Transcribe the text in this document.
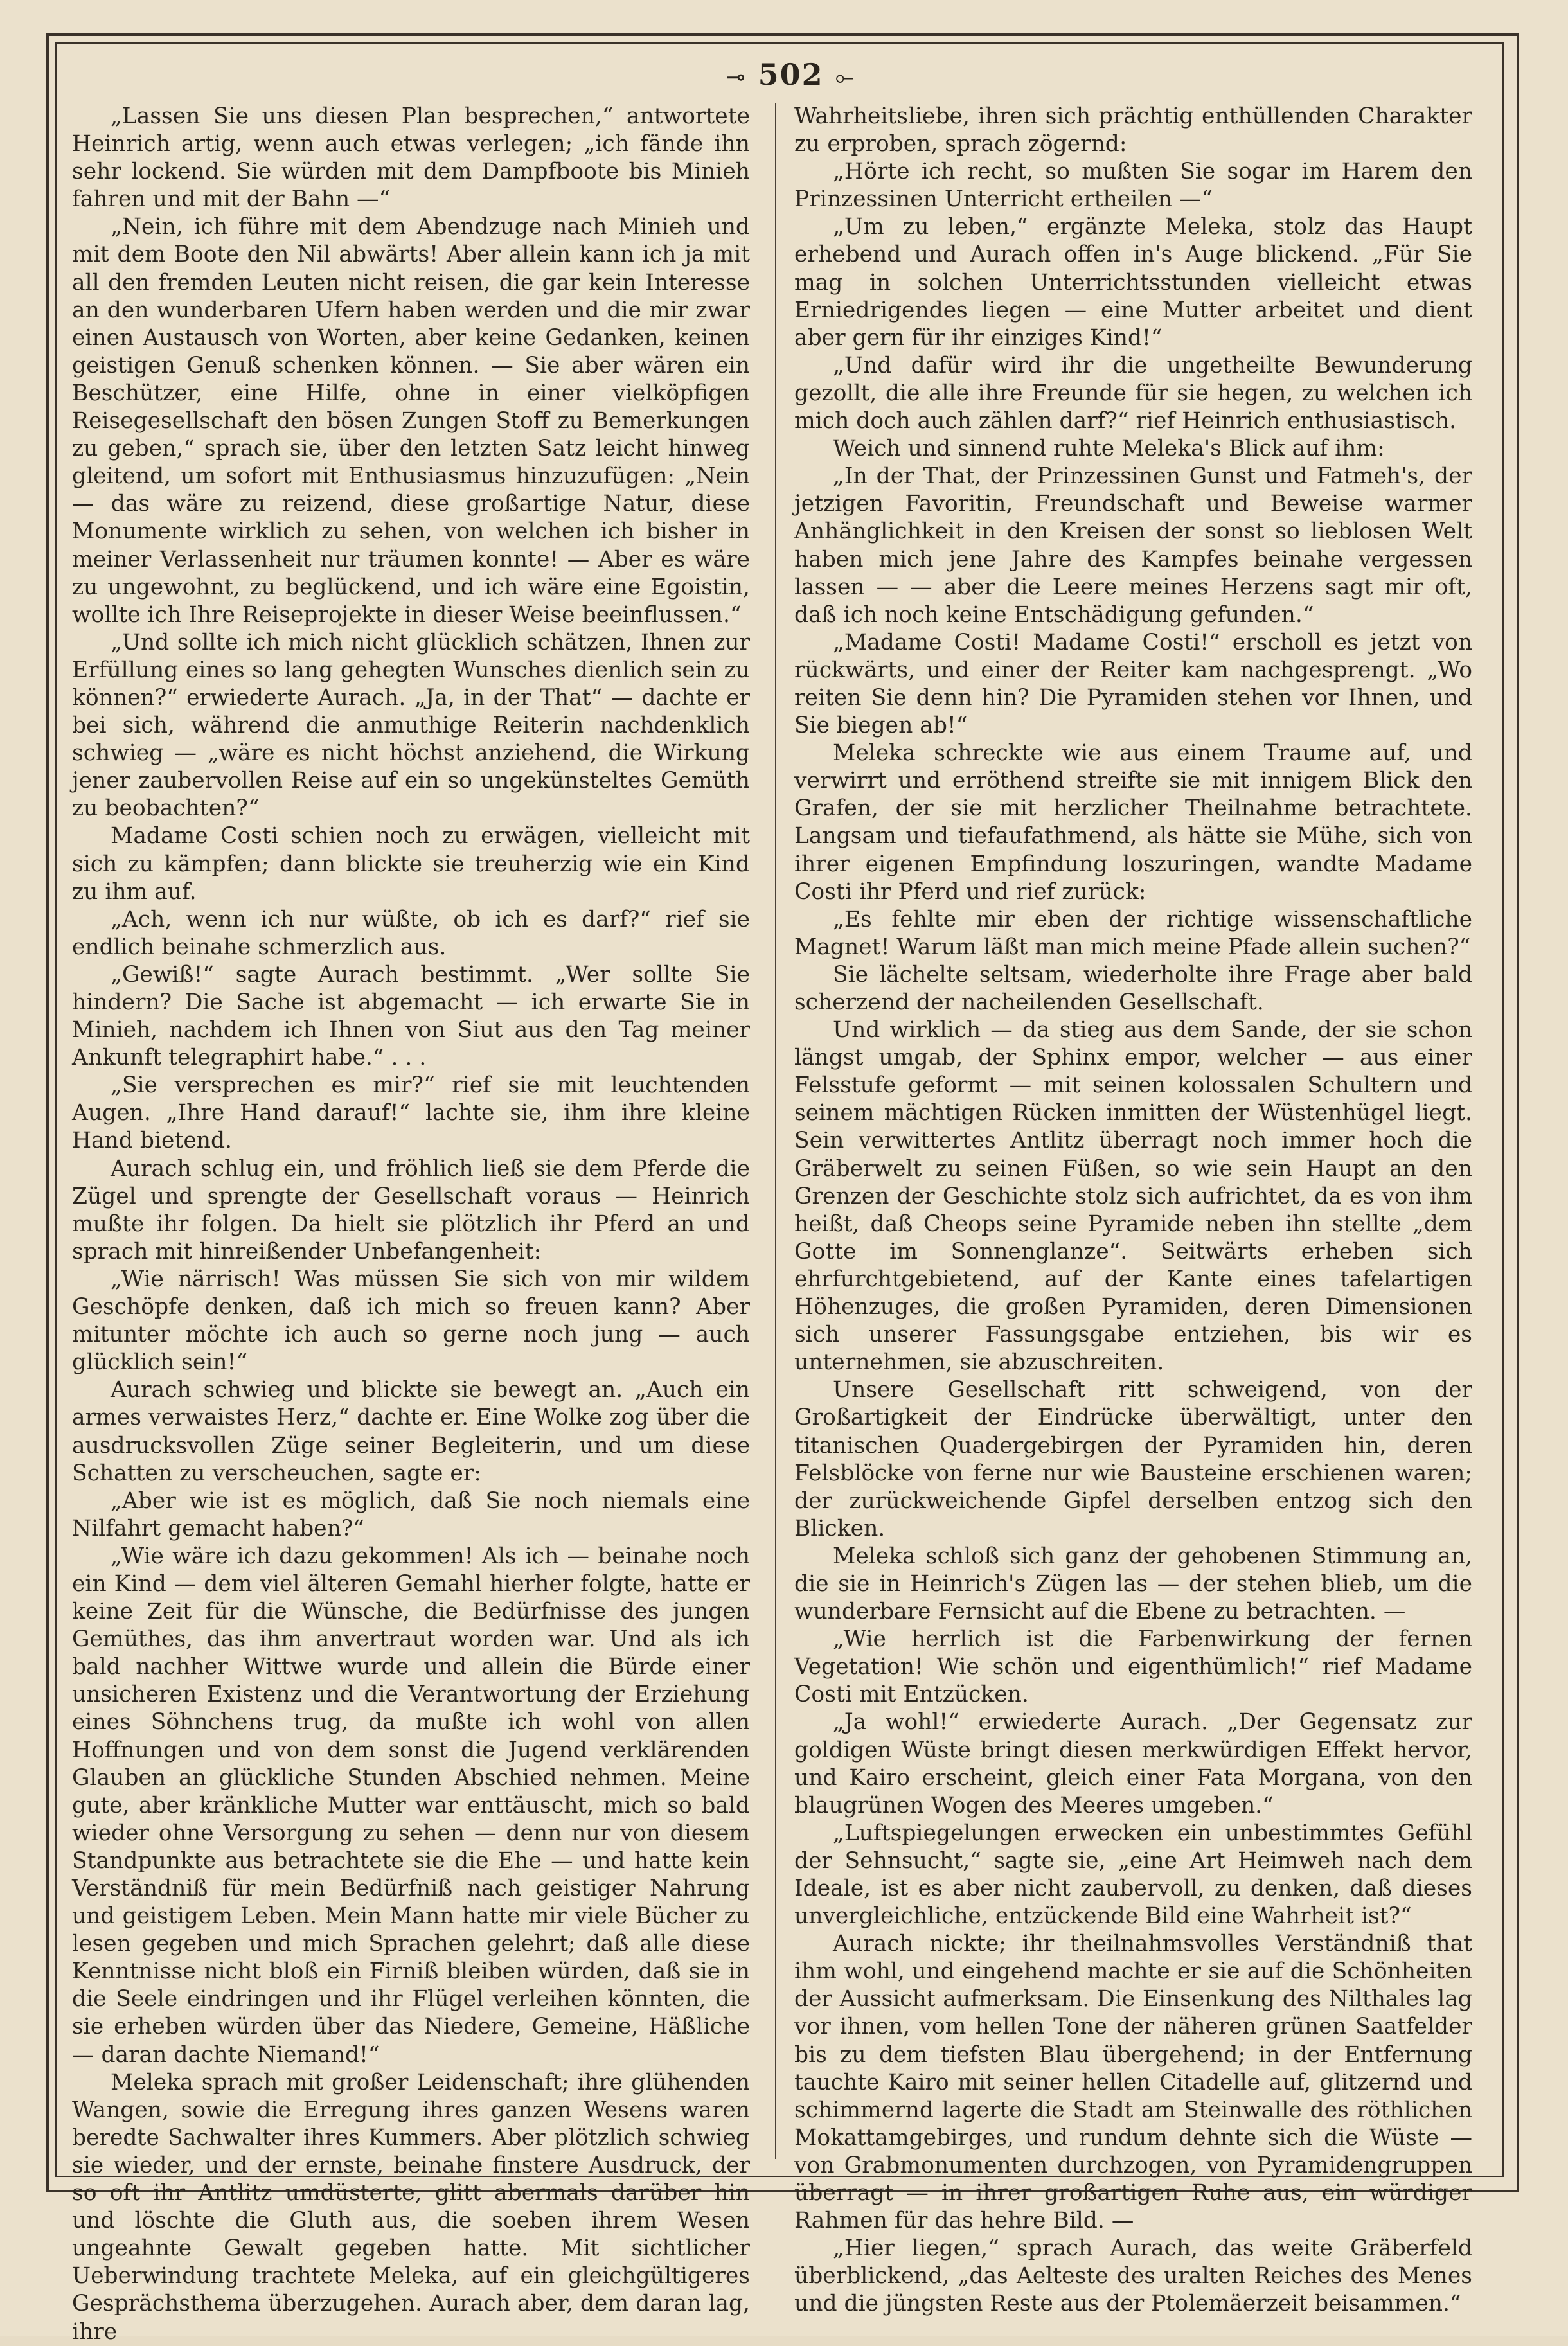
⊸ 502 ⟜

„Lassen Sie uns diesen Plan besprechen,“ antwortete Heinrich artig, wenn auch etwas verlegen; „ich fände ihn sehr lockend. Sie würden mit dem Dampfboote bis Minieh fahren und mit der Bahn —“

„Nein, ich führe mit dem Abendzuge nach Minieh und mit dem Boote den Nil abwärts! Aber allein kann ich ja mit all den fremden Leuten nicht reisen, die gar kein Interesse an den wunderbaren Ufern haben werden und die mir zwar einen Austausch von Worten, aber keine Gedanken, keinen geistigen Genuß schenken können. — Sie aber wären ein Beschützer, eine Hilfe, ohne in einer vielköpfigen Reisegesellschaft den bösen Zungen Stoff zu Bemerkungen zu geben,“ sprach sie, über den letzten Satz leicht hinweg gleitend, um sofort mit Enthusiasmus hinzuzufügen: „Nein — das wäre zu reizend, diese großartige Natur, diese Monumente wirklich zu sehen, von welchen ich bisher in meiner Verlassenheit nur träumen konnte! — Aber es wäre zu ungewohnt, zu beglückend, und ich wäre eine Egoistin, wollte ich Ihre Reiseprojekte in dieser Weise beeinflussen.“

„Und sollte ich mich nicht glücklich schätzen, Ihnen zur Erfüllung eines so lang gehegten Wunsches dienlich sein zu können?“ erwiederte Aurach. „Ja, in der That“ — dachte er bei sich, während die anmuthige Reiterin nachdenklich schwieg — „wäre es nicht höchst anziehend, die Wirkung jener zaubervollen Reise auf ein so ungekünsteltes Gemüth zu beobachten?“

Madame Costi schien noch zu erwägen, vielleicht mit sich zu kämpfen; dann blickte sie treuherzig wie ein Kind zu ihm auf.

„Ach, wenn ich nur wüßte, ob ich es darf?“ rief sie endlich beinahe schmerzlich aus.

„Gewiß!“ sagte Aurach bestimmt. „Wer sollte Sie hindern? Die Sache ist abgemacht — ich erwarte Sie in Minieh, nachdem ich Ihnen von Siut aus den Tag meiner Ankunft telegraphirt habe.“ . . .

„Sie versprechen es mir?“ rief sie mit leuchtenden Augen. „Ihre Hand darauf!“ lachte sie, ihm ihre kleine Hand bietend.

Aurach schlug ein, und fröhlich ließ sie dem Pferde die Zügel und sprengte der Gesellschaft voraus — Heinrich mußte ihr folgen. Da hielt sie plötzlich ihr Pferd an und sprach mit hinreißender Unbefangenheit:

„Wie närrisch! Was müssen Sie sich von mir wildem Geschöpfe denken, daß ich mich so freuen kann? Aber mitunter möchte ich auch so gerne noch jung — auch glücklich sein!“

Aurach schwieg und blickte sie bewegt an. „Auch ein armes verwaistes Herz,“ dachte er. Eine Wolke zog über die ausdrucksvollen Züge seiner Begleiterin, und um diese Schatten zu verscheuchen, sagte er:

„Aber wie ist es möglich, daß Sie noch niemals eine Nilfahrt gemacht haben?“

„Wie wäre ich dazu gekommen! Als ich — beinahe noch ein Kind — dem viel älteren Gemahl hierher folgte, hatte er keine Zeit für die Wünsche, die Bedürfnisse des jungen Gemüthes, das ihm anvertraut worden war. Und als ich bald nachher Wittwe wurde und allein die Bürde einer unsicheren Existenz und die Verantwortung der Erziehung eines Söhnchens trug, da mußte ich wohl von allen Hoffnungen und von dem sonst die Jugend verklärenden Glauben an glückliche Stunden Abschied nehmen. Meine gute, aber kränkliche Mutter war enttäuscht, mich so bald wieder ohne Versorgung zu sehen — denn nur von diesem Standpunkte aus betrachtete sie die Ehe — und hatte kein Verständniß für mein Bedürfniß nach geistiger Nahrung und geistigem Leben. Mein Mann hatte mir viele Bücher zu lesen gegeben und mich Sprachen gelehrt; daß alle diese Kenntnisse nicht bloß ein Firniß bleiben würden, daß sie in die Seele eindringen und ihr Flügel verleihen könnten, die sie erheben würden über das Niedere, Gemeine, Häßliche — daran dachte Niemand!“

Meleka sprach mit großer Leidenschaft; ihre glühenden Wangen, sowie die Erregung ihres ganzen Wesens waren beredte Sachwalter ihres Kummers. Aber plötzlich schwieg sie wieder, und der ernste, beinahe finstere Ausdruck, der so oft ihr Antlitz umdüsterte, glitt abermals darüber hin und löschte die Gluth aus, die soeben ihrem Wesen ungeahnte Gewalt gegeben hatte. Mit sichtlicher Ueberwindung trachtete Meleka, auf ein gleichgültigeres Gesprächsthema überzugehen. Aurach aber, dem daran lag, ihre

Wahrheitsliebe, ihren sich prächtig enthüllenden Charakter zu erproben, sprach zögernd:

„Hörte ich recht, so mußten Sie sogar im Harem den Prinzessinen Unterricht ertheilen —“

„Um zu leben,“ ergänzte Meleka, stolz das Haupt erhebend und Aurach offen in's Auge blickend. „Für Sie mag in solchen Unterrichtsstunden vielleicht etwas Erniedrigendes liegen — eine Mutter arbeitet und dient aber gern für ihr einziges Kind!“

„Und dafür wird ihr die ungetheilte Bewunderung gezollt, die alle ihre Freunde für sie hegen, zu welchen ich mich doch auch zählen darf?“ rief Heinrich enthusiastisch.

Weich und sinnend ruhte Meleka's Blick auf ihm:

„In der That, der Prinzessinen Gunst und Fatmeh's, der jetzigen Favoritin, Freundschaft und Beweise warmer Anhänglichkeit in den Kreisen der sonst so lieblosen Welt haben mich jene Jahre des Kampfes beinahe vergessen lassen — — aber die Leere meines Herzens sagt mir oft, daß ich noch keine Entschädigung gefunden.“

„Madame Costi! Madame Costi!“ erscholl es jetzt von rückwärts, und einer der Reiter kam nachgesprengt. „Wo reiten Sie denn hin? Die Pyramiden stehen vor Ihnen, und Sie biegen ab!“

Meleka schreckte wie aus einem Traume auf, und verwirrt und erröthend streifte sie mit innigem Blick den Grafen, der sie mit herzlicher Theilnahme betrachtete. Langsam und tiefaufathmend, als hätte sie Mühe, sich von ihrer eigenen Empfindung loszuringen, wandte Madame Costi ihr Pferd und rief zurück:

„Es fehlte mir eben der richtige wissenschaftliche Magnet! Warum läßt man mich meine Pfade allein suchen?“

Sie lächelte seltsam, wiederholte ihre Frage aber bald scherzend der nacheilenden Gesellschaft.

Und wirklich — da stieg aus dem Sande, der sie schon längst umgab, der Sphinx empor, welcher — aus einer Felsstufe geformt — mit seinen kolossalen Schultern und seinem mächtigen Rücken inmitten der Wüstenhügel liegt. Sein verwittertes Antlitz überragt noch immer hoch die Gräberwelt zu seinen Füßen, so wie sein Haupt an den Grenzen der Geschichte stolz sich aufrichtet, da es von ihm heißt, daß Cheops seine Pyramide neben ihn stellte „dem Gotte im Sonnenglanze“. Seitwärts erheben sich ehrfurchtgebietend, auf der Kante eines tafelartigen Höhenzuges, die großen Pyramiden, deren Dimensionen sich unserer Fassungsgabe entziehen, bis wir es unternehmen, sie abzuschreiten.

Unsere Gesellschaft ritt schweigend, von der Großartigkeit der Eindrücke überwältigt, unter den titanischen Quadergebirgen der Pyramiden hin, deren Felsblöcke von ferne nur wie Bausteine erschienen waren; der zurückweichende Gipfel derselben entzog sich den Blicken.

Meleka schloß sich ganz der gehobenen Stimmung an, die sie in Heinrich's Zügen las — der stehen blieb, um die wunderbare Fernsicht auf die Ebene zu betrachten. —

„Wie herrlich ist die Farbenwirkung der fernen Vegetation! Wie schön und eigenthümlich!“ rief Madame Costi mit Entzücken.

„Ja wohl!“ erwiederte Aurach. „Der Gegensatz zur goldigen Wüste bringt diesen merkwürdigen Effekt hervor, und Kairo erscheint, gleich einer Fata Morgana, von den blaugrünen Wogen des Meeres umgeben.“

„Luftspiegelungen erwecken ein unbestimmtes Gefühl der Sehnsucht,“ sagte sie, „eine Art Heimweh nach dem Ideale, ist es aber nicht zaubervoll, zu denken, daß dieses unvergleichliche, entzückende Bild eine Wahrheit ist?“

Aurach nickte; ihr theilnahmsvolles Verständniß that ihm wohl, und eingehend machte er sie auf die Schönheiten der Aussicht aufmerksam. Die Einsenkung des Nilthales lag vor ihnen, vom hellen Tone der näheren grünen Saatfelder bis zu dem tiefsten Blau übergehend; in der Entfernung tauchte Kairo mit seiner hellen Citadelle auf, glitzernd und schimmernd lagerte die Stadt am Steinwalle des röthlichen Mokattamgebirges, und rundum dehnte sich die Wüste — von Grabmonumenten durchzogen, von Pyramidengruppen überragt — in ihrer großartigen Ruhe aus, ein würdiger Rahmen für das hehre Bild. —

„Hier liegen,“ sprach Aurach, das weite Gräberfeld überblickend, „das Aelteste des uralten Reiches des Menes und die jüngsten Reste aus der Ptolemäerzeit beisammen.“
